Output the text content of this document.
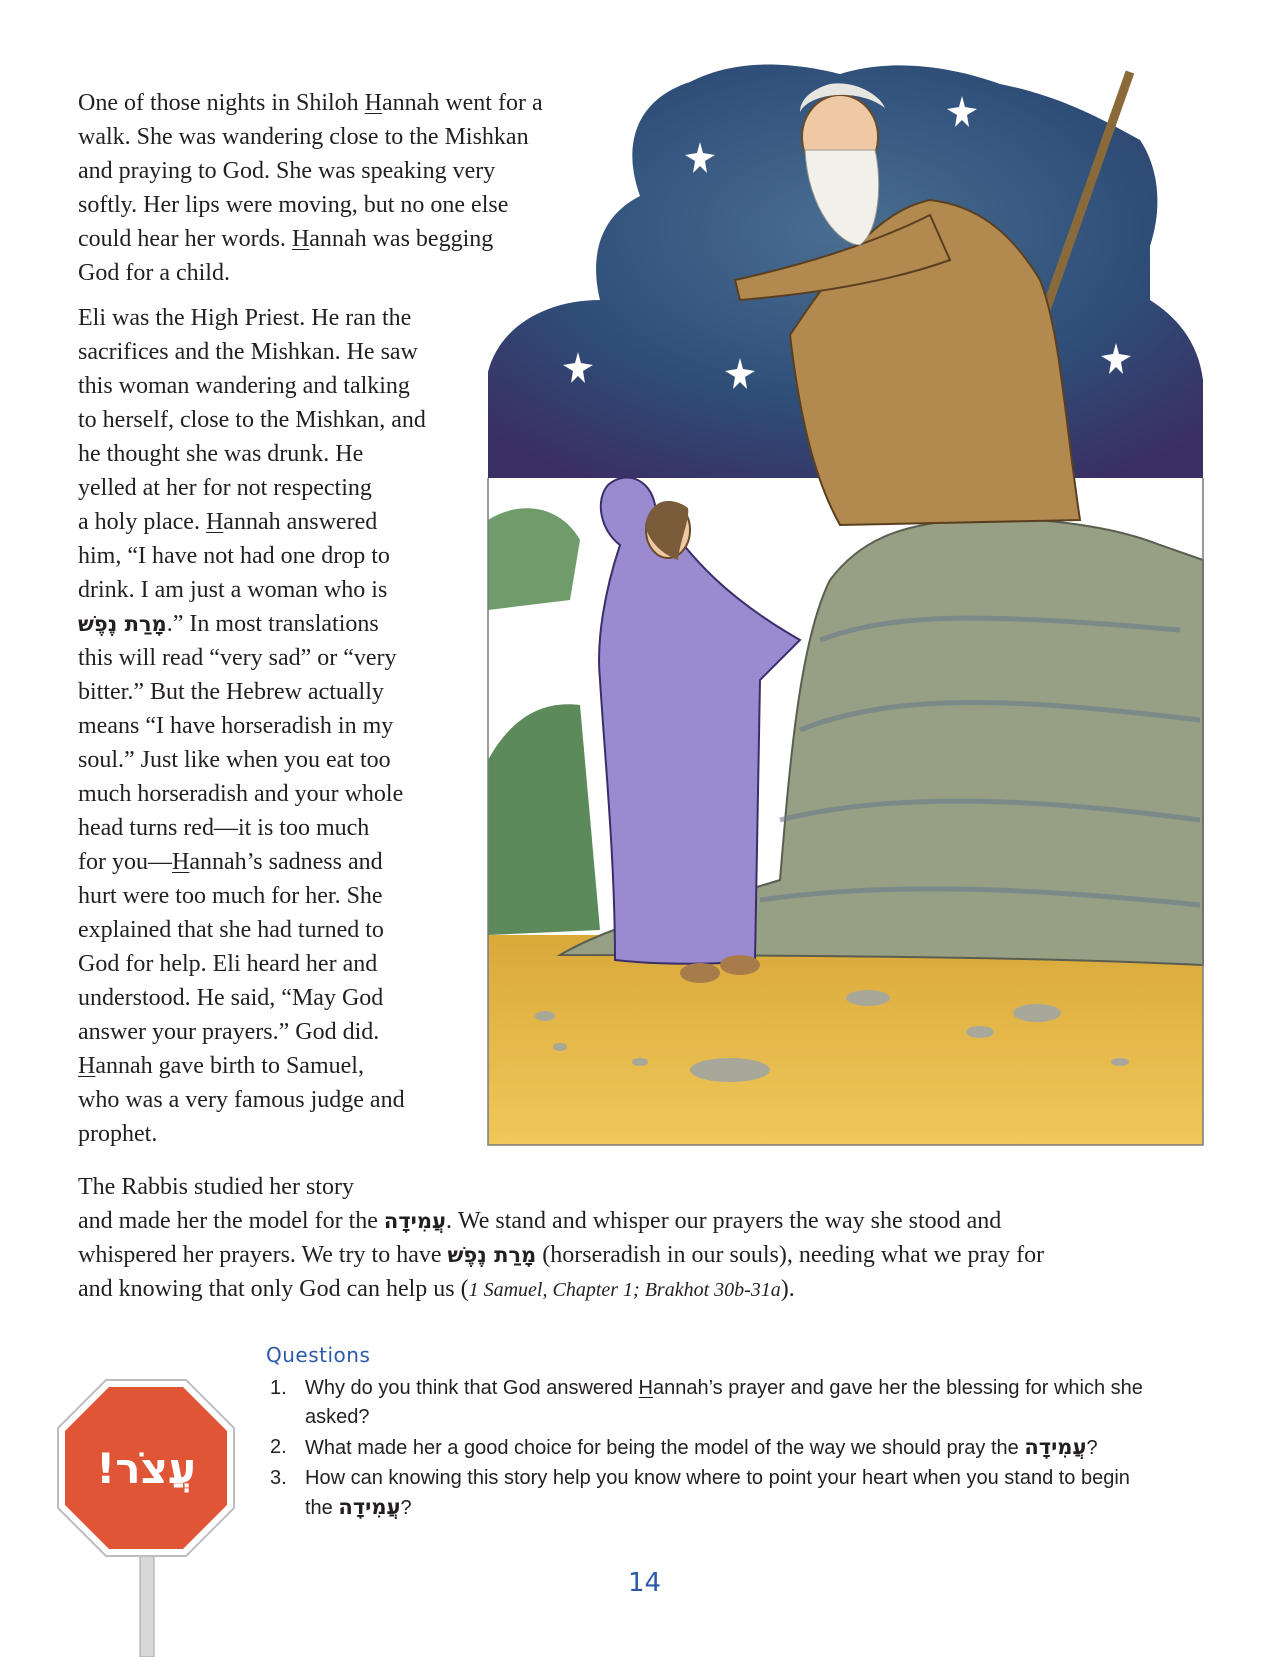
One of those nights in Shiloh Hannah went for a
walk. She was wandering close to the Mishkan
and praying to God. She was speaking very
softly. Her lips were moving, but no one else
could hear her words. Hannah was begging
God for a child.

Eli was the High Priest. He ran the
sacrifices and the Mishkan. He saw
this woman wandering and talking
to herself, close to the Mishkan, and
he thought she was drunk. He
yelled at her for not respecting
a holy place. Hannah answered
him, “I have not had one drop to
drink. I am just a woman who is
מָרַת נֶפֶשׁ.” In most translations
this will read “very sad” or “very
bitter.” But the Hebrew actually
means “I have horseradish in my
soul.” Just like when you eat too
much horseradish and your whole
head turns red—it is too much
for you—Hannah’s sadness and
hurt were too much for her. She
explained that she had turned to
God for help. Eli heard her and
understood. He said, “May God
answer your prayers.” God did.
Hannah gave birth to Samuel,
who was a very famous judge and
prophet.

The Rabbis studied her story

and made her the model for the עֲמִידָה. We stand and whisper our prayers the way she stood and
whispered her prayers. We try to have מָרַת נֶפֶשׁ (horseradish in our souls), needing what we pray for
and knowing that only God can help us (1 Samuel, Chapter 1; Brakhot 30b-31a).

עֲצֹר!
Questions
1. Why do you think that God answered Hannah’s prayer and gave her the blessing for which she
asked?
2. What made her a good choice for being the model of the way we should pray the עֲמִידָה?
3. How can knowing this story help you know where to point your heart when you stand to begin
the עֲמִידָה?
14
